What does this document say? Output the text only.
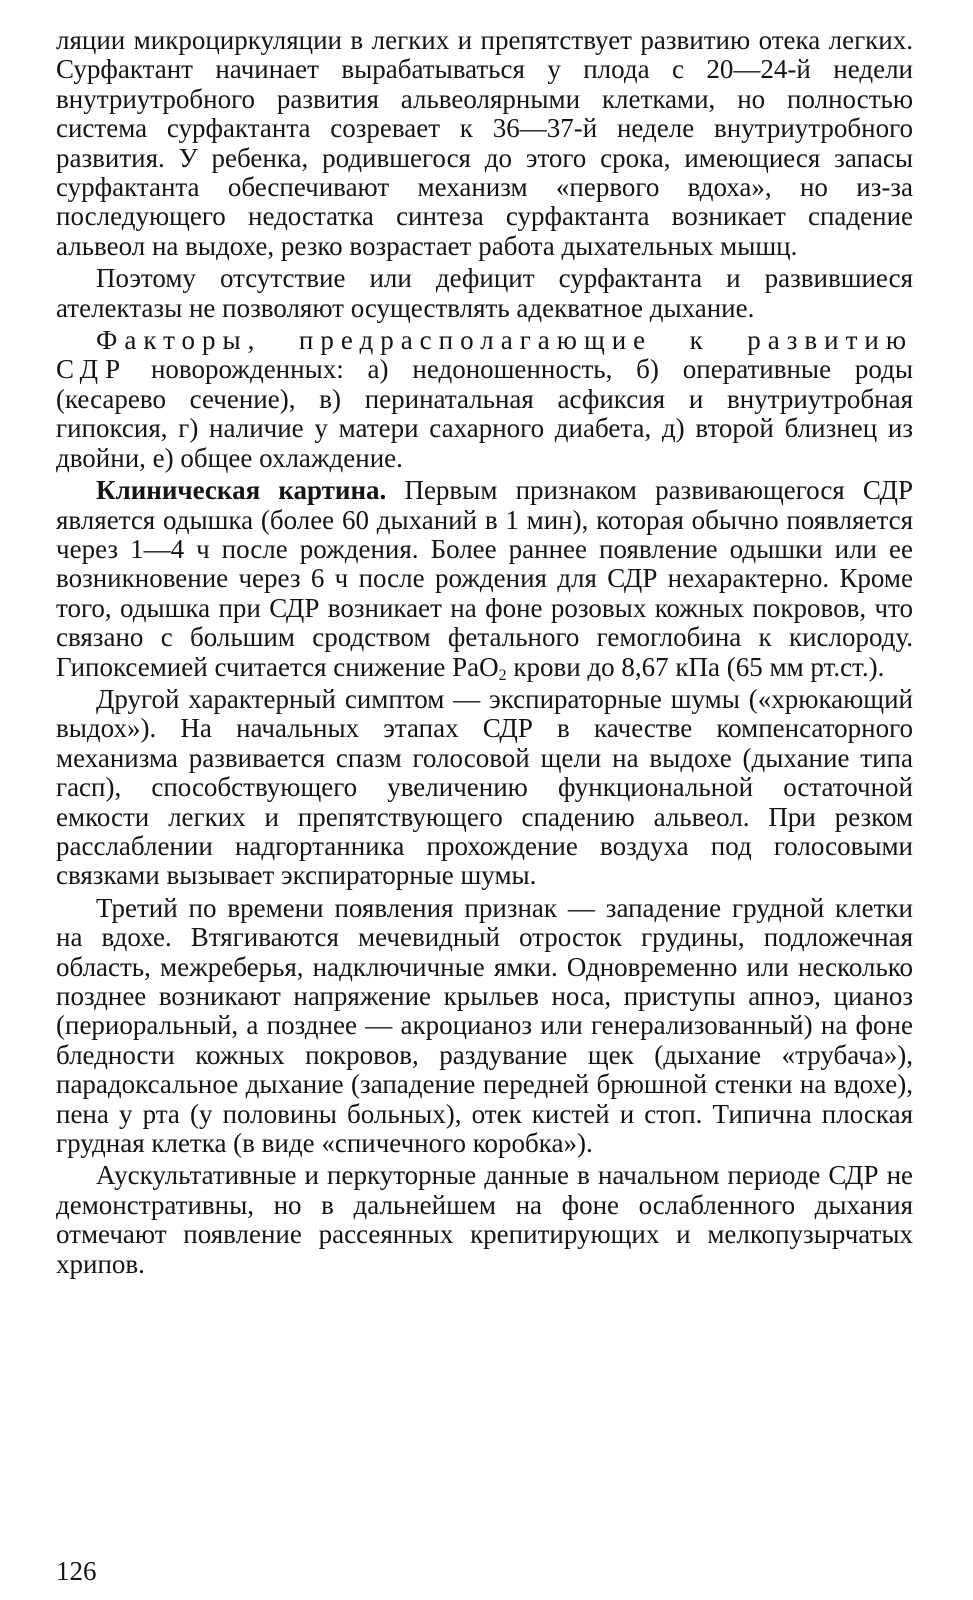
ляции микроциркуляции в легких и препятствует развитию отека легких. Сурфактант начинает вырабатываться у плода с 20—24-й недели внутриутробного развития альвеолярными клетками, но полностью система сурфактанта созревает к 36—37-й неделе внутриутробного развития. У ребенка, родившегося до этого срока, имеющиеся запасы сурфактанта обеспечивают механизм «первого вдоха», но из-за последующего недостатка синтеза сурфактанта возникает спадение альвеол на выдохе, резко возрастает работа дыхательных мышц.

Поэтому отсутствие или дефицит сурфактанта и развившиеся ателектазы не позволяют осуществлять адекватное дыхание.

Факторы, предрасполагающие к развитию СДР новорожденных: а) недоношенность, б) оперативные роды (кесарево сечение), в) перинатальная асфиксия и внутриутробная гипоксия, г) наличие у матери сахарного диабета, д) второй близнец из двойни, е) общее охлаждение.

Клиническая картина. Первым признаком развивающегося СДР является одышка (более 60 дыханий в 1 мин), которая обычно появляется через 1—4 ч после рождения. Более раннее появление одышки или ее возникновение через 6 ч после рождения для СДР нехарактерно. Кроме того, одышка при СДР возникает на фоне розовых кожных покровов, что связано с большим сродством фетального гемоглобина к кислороду. Гипоксемией считается снижение PaO$_2$ крови до 8,67 кПа (65 мм рт.ст.).

Другой характерный симптом — экспираторные шумы («хрюкающий выдох»). На начальных этапах СДР в качестве компенсаторного механизма развивается спазм голосовой щели на выдохе (дыхание типа гасп), способствующего увеличению функциональной остаточной емкости легких и препятствующего спадению альвеол. При резком расслаблении надгортанника прохождение воздуха под голосовыми связками вызывает экспираторные шумы.

Третий по времени появления признак — западение грудной клетки на вдохе. Втягиваются мечевидный отросток грудины, подложечная область, межреберья, надключичные ямки. Одновременно или несколько позднее возникают напряжение крыльев носа, приступы апноэ, цианоз (периоральный, а позднее — акроцианоз или генерализованный) на фоне бледности кожных покровов, раздувание щек (дыхание «трубача»), парадоксальное дыхание (западение передней брюшной стенки на вдохе), пена у рта (у половины больных), отек кистей и стоп. Типична плоская грудная клетка (в виде «спичечного коробка»).

Аускультативные и перкуторные данные в начальном периоде СДР не демонстративны, но в дальнейшем на фоне ослабленного дыхания отмечают появление рассеянных крепитирующих и мелкопузырчатых хрипов.

126
